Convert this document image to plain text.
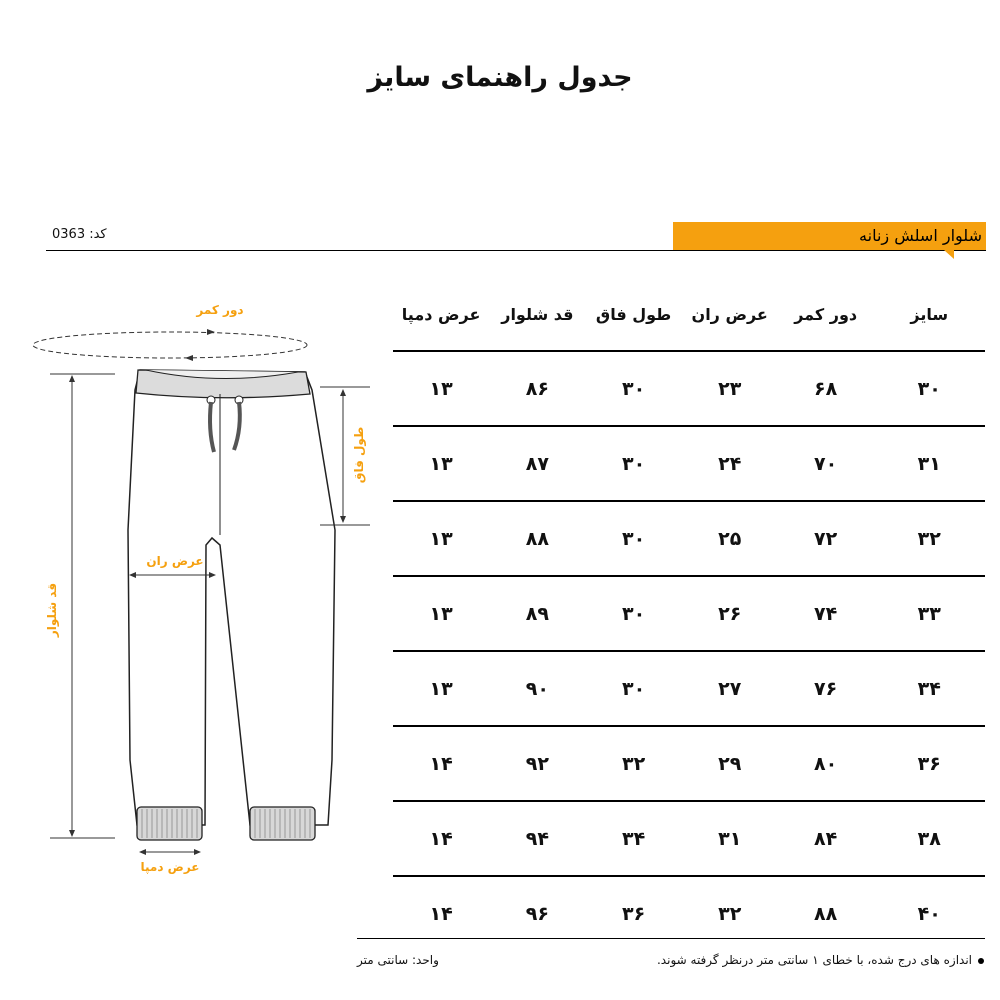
جدول راهنمای سایز
کد: 0363	شلوار اسلش زنانه
دور کمر
طول فاق
قد شلوار
عرض ران
عرض دمپا
سایز	دور کمر	عرض ران	طول فاق	قد شلوار	عرض دمپا
۳۰	۶۸	۲۳	۳۰	۸۶	۱۳
۳۱	۷۰	۲۴	۳۰	۸۷	۱۳
۳۲	۷۲	۲۵	۳۰	۸۸	۱۳
۳۳	۷۴	۲۶	۳۰	۸۹	۱۳
۳۴	۷۶	۲۷	۳۰	۹۰	۱۳
۳۶	۸۰	۲۹	۳۲	۹۲	۱۴
۳۸	۸۴	۳۱	۳۴	۹۴	۱۴
۴۰	۸۸	۳۲	۳۶	۹۶	۱۴
اندازه های درج شده، با خطای ۱ سانتی متر درنظر گرفته شوند.
واحد: سانتی متر
